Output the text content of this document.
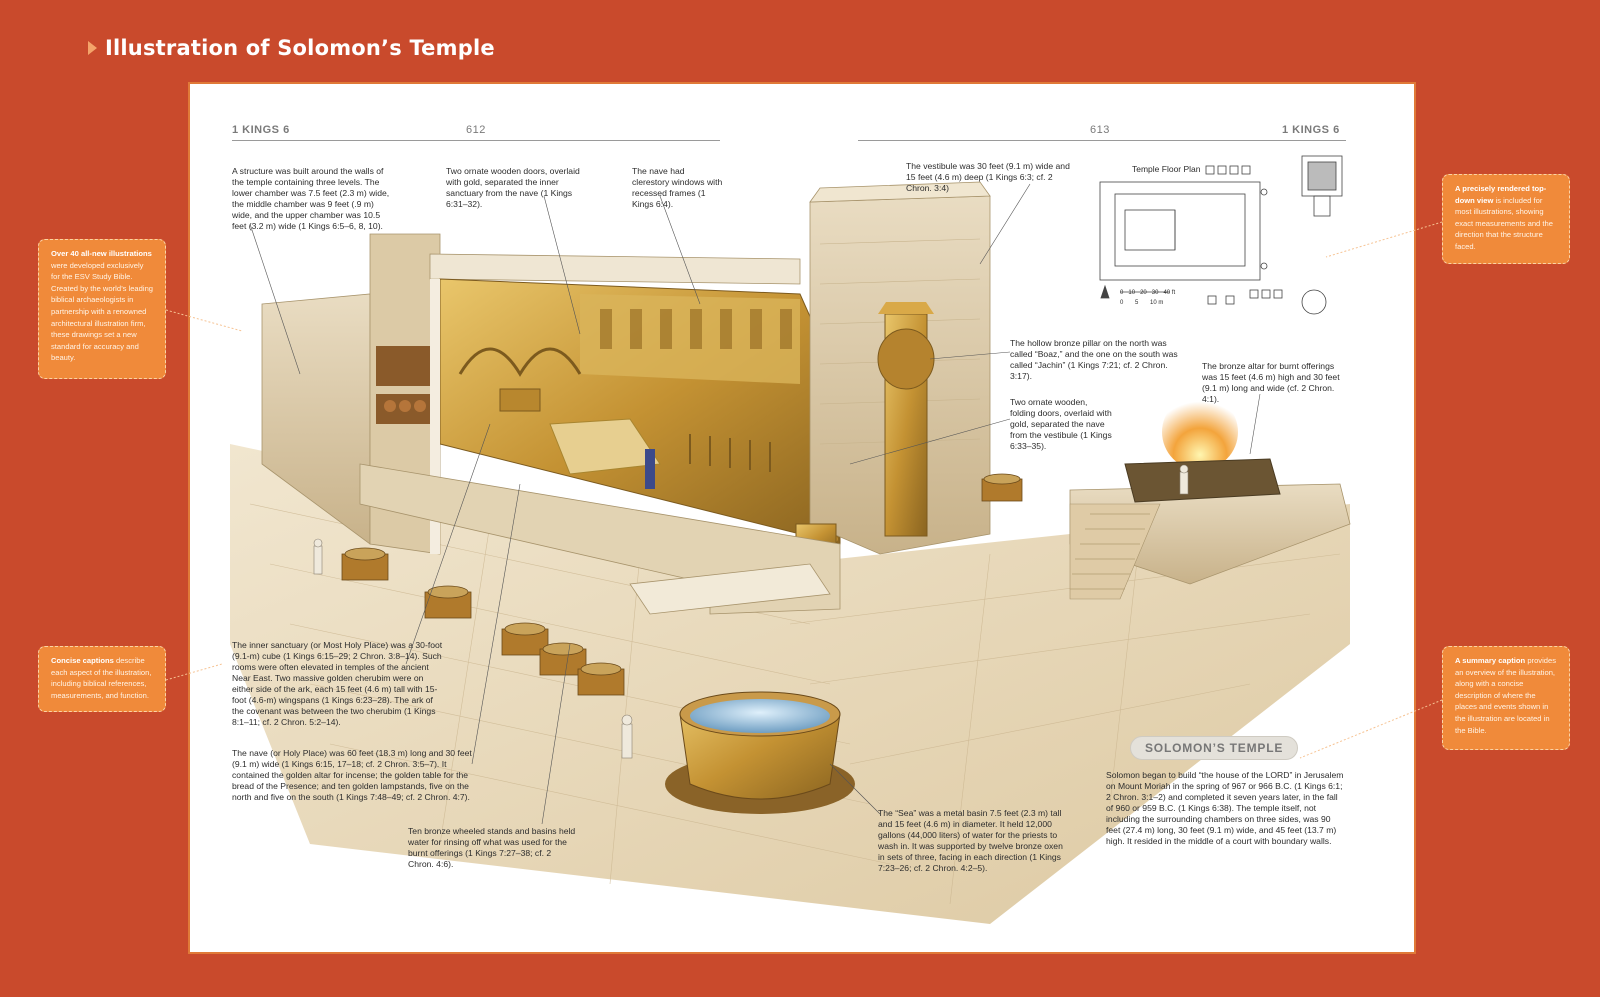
Illustration of Solomon’s Temple
1 KINGS 6	612	613	1 KINGS 6
A structure was built around the walls of the temple containing three levels. The lower chamber was 7.5 feet (2.3 m) wide, the middle chamber was 9 feet (.9 m) wide, and the upper chamber was 10.5 feet (3.2 m) wide (1 Kings 6:5–6, 8, 10).
Two ornate wooden doors, overlaid with gold, separated the inner sanctuary from the nave (1 Kings 6:31–32).
The nave had clerestory windows with recessed frames (1 Kings 6:4).
The vestibule was 30 feet (9.1 m) wide and 15 feet (4.6 m) deep (1 Kings 6:3; cf. 2 Chron. 3:4)
The hollow bronze pillar on the north was called “Boaz,” and the one on the south was called “Jachin” (1 Kings 7:21; cf. 2 Chron. 3:17).
Two ornate wooden, folding doors, overlaid with gold, separated the nave from the vestibule (1 Kings 6:33–35).
The bronze altar for burnt offerings was 15 feet (4.6 m) high and 30 feet (9.1 m) long and wide (cf. 2 Chron. 4:1).
The inner sanctuary (or Most Holy Place) was a 30-foot (9.1-m) cube (1 Kings 6:15–29; 2 Chron. 3:8–14). Such rooms were often elevated in temples of the ancient Near East. Two massive golden cherubim were on either side of the ark, each 15 feet (4.6 m) tall with 15-foot (4.6-m) wingspans (1 Kings 6:23–28). The ark of the covenant was between the two cherubim (1 Kings 8:1–11; cf. 2 Chron. 5:2–14).
The nave (or Holy Place) was 60 feet (18.3 m) long and 30 feet (9.1 m) wide (1 Kings 6:15, 17–18; cf. 2 Chron. 3:5–7). It contained the golden altar for incense; the golden table for the bread of the Presence; and ten golden lampstands, five on the north and five on the south (1 Kings 7:48–49; cf. 2 Chron. 4:7).
Ten bronze wheeled stands and basins held water for rinsing off what was used for the burnt offerings (1 Kings 7:27–38; cf. 2 Chron. 4:6).
The “Sea” was a metal basin 7.5 feet (2.3 m) tall and 15 feet (4.6 m) in diameter. It held 12,000 gallons (44,000 liters) of water for the priests to wash in. It was supported by twelve bronze oxen in sets of three, facing in each direction (1 Kings 7:23–26; cf. 2 Chron. 4:2–5).
Temple Floor Plan
0 10 20 30 40 ft
0 5 10 m
SOLOMON’S TEMPLE
Solomon began to build “the house of the LORD” in Jerusalem on Mount Moriah in the spring of 967 or 966 B.C. (1 Kings 6:1; 2 Chron. 3:1–2) and completed it seven years later, in the fall of 960 or 959 B.C. (1 Kings 6:38). The temple itself, not including the surrounding chambers on three sides, was 90 feet (27.4 m) long, 30 feet (9.1 m) wide, and 45 feet (13.7 m) high. It resided in the middle of a court with boundary walls.
Over 40 all-new illustrations were developed exclusively for the ESV Study Bible. Created by the world’s leading biblical archaeologists in partnership with a renowned architectural illustration firm, these drawings set a new standard for accuracy and beauty.
Concise captions describe each aspect of the illustration, including biblical references, measurements, and function.
A precisely rendered top-down view is included for most illustrations, showing exact measurements and the direction that the structure faced.
A summary caption provides an overview of the illustration, along with a concise description of where the places and events shown in the illustration are located in the Bible.
